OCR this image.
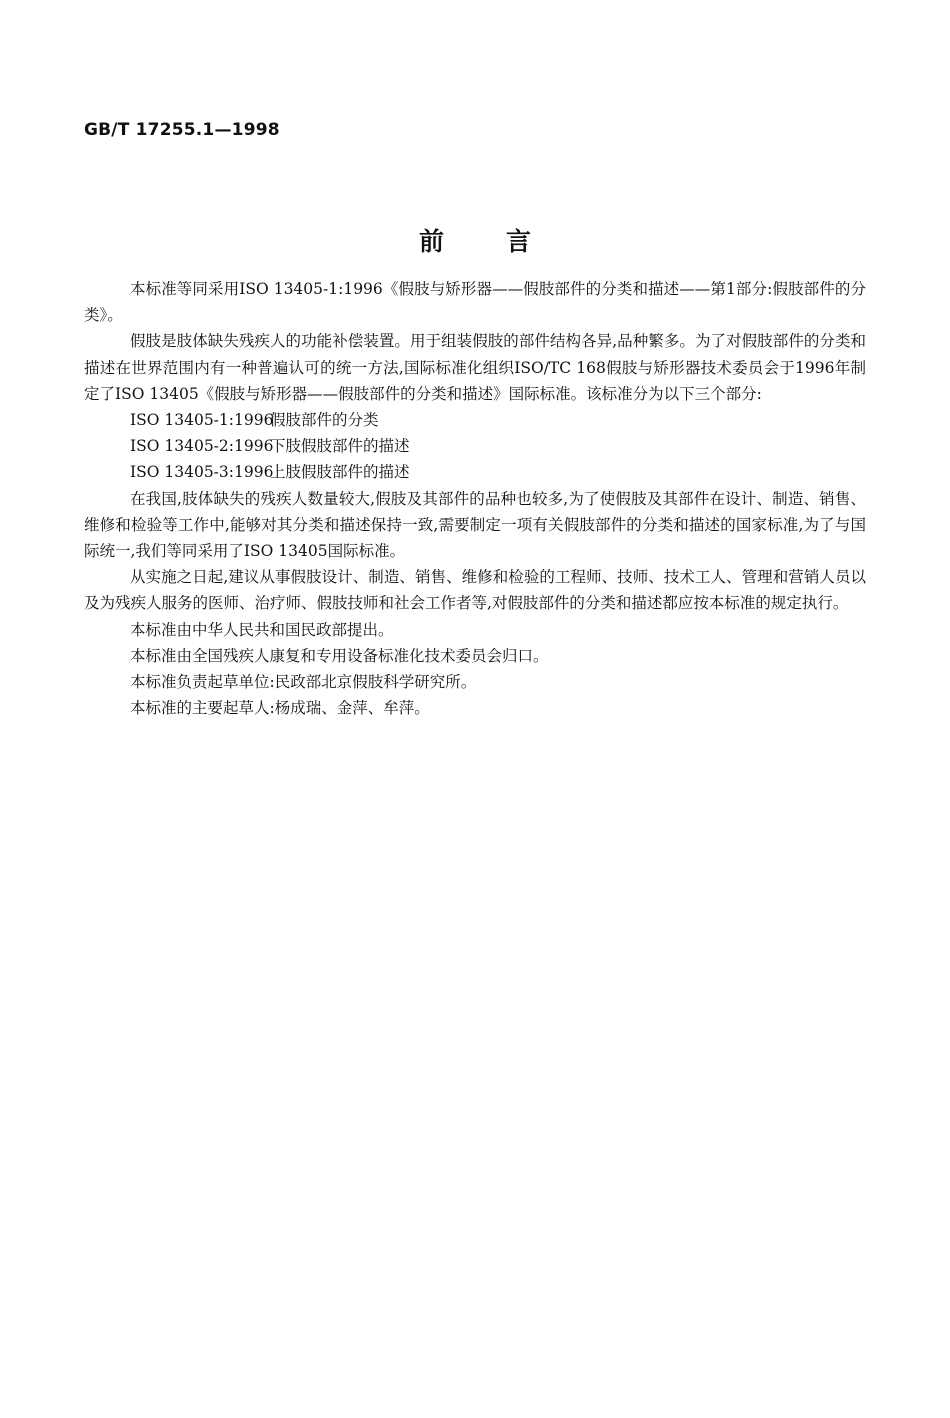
GB/T 17255.1—1998
前言

本标准等同采用ISO 13405-1:1996《假肢与矫形器——假肢部件的分类和描述——第1部分:假肢部件的分类》。

假肢是肢体缺失残疾人的功能补偿装置。用于组装假肢的部件结构各异,品种繁多。为了对假肢部件的分类和描述在世界范围内有一种普遍认可的统一方法,国际标准化组织ISO/TC 168假肢与矫形器技术委员会于1996年制定了ISO 13405《假肢与矫形器——假肢部件的分类和描述》国际标准。该标准分为以下三个部分:

ISO 13405-1:1996假肢部件的分类

ISO 13405-2:1996下肢假肢部件的描述

ISO 13405-3:1996上肢假肢部件的描述

在我国,肢体缺失的残疾人数量较大,假肢及其部件的品种也较多,为了使假肢及其部件在设计、制造、销售、维修和检验等工作中,能够对其分类和描述保持一致,需要制定一项有关假肢部件的分类和描述的国家标准,为了与国际统一,我们等同采用了ISO 13405国际标准。

从实施之日起,建议从事假肢设计、制造、销售、维修和检验的工程师、技师、技术工人、管理和营销人员以及为残疾人服务的医师、治疗师、假肢技师和社会工作者等,对假肢部件的分类和描述都应按本标准的规定执行。

本标准由中华人民共和国民政部提出。

本标准由全国残疾人康复和专用设备标准化技术委员会归口。

本标准负责起草单位:民政部北京假肢科学研究所。

本标准的主要起草人:杨成瑞、金萍、牟萍。
